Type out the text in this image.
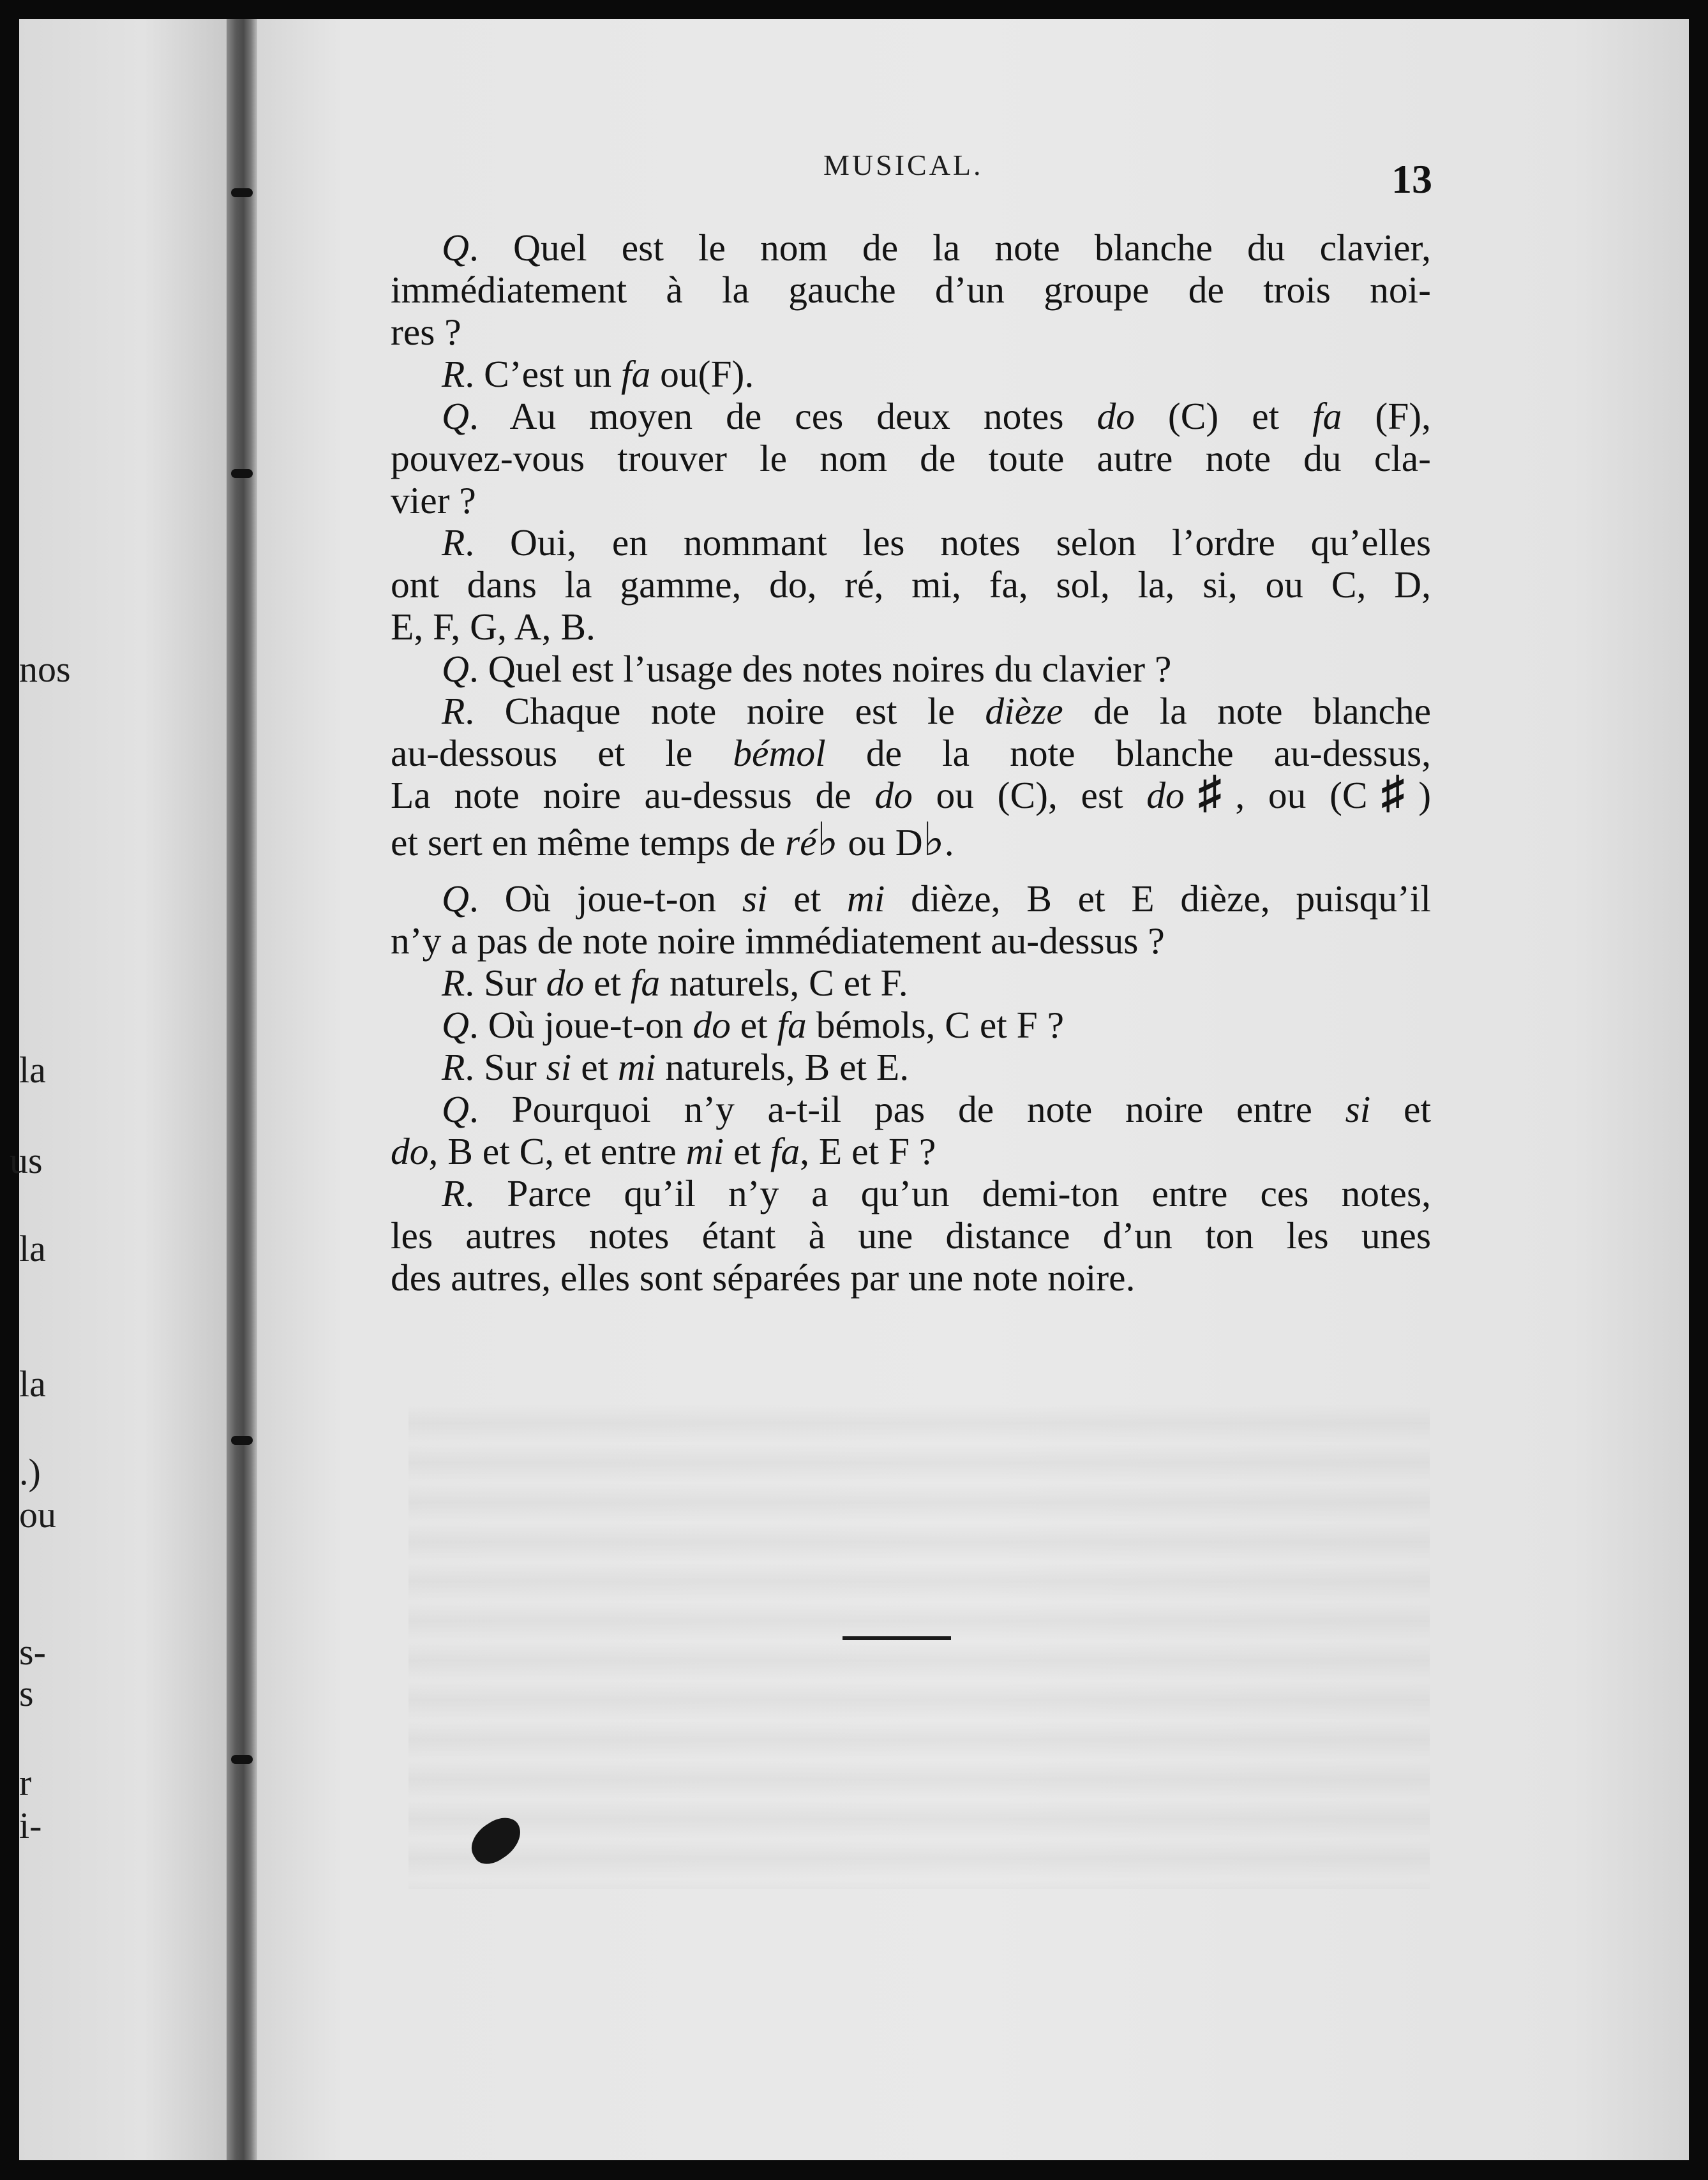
nos
la
us
la
la
.)
ou
s-
s
r
i-
MUSICAL.	13
Q. Quel est le nom de la note blanche du clavier,
immédiatement à la gauche d’un groupe de trois noi-
res ?
R. C’est un fa ou(F).
Q. Au moyen de ces deux notes do (C) et fa (F),
pouvez-vous trouver le nom de toute autre note du cla-
vier ?
R. Oui, en nommant les notes selon l’ordre qu’elles
ont dans la gamme, do, ré, mi, fa, sol, la, si, ou C, D,
E, F, G, A, B.
Q. Quel est l’usage des notes noires du clavier ?
R. Chaque note noire est le dièze de la note blanche
au-dessous et le bémol de la note blanche au-dessus,
La note noire au-dessus de do ou (C), est do♯, ou (C♯)
et sert en même temps de ré♭ ou D♭.
Q. Où joue-t-on si et mi dièze, B et E dièze, puisqu’il
n’y a pas de note noire immédiatement au-dessus ?
R. Sur do et fa naturels, C et F.
Q. Où joue-t-on do et fa bémols, C et F ?
R. Sur si et mi naturels, B et E.
Q. Pourquoi n’y a-t-il pas de note noire entre si et
do, B et C, et entre mi et fa, E et F ?
R. Parce qu’il n’y a qu’un demi-ton entre ces notes,
les autres notes étant à une distance d’un ton les unes
des autres, elles sont séparées par une note noire.
